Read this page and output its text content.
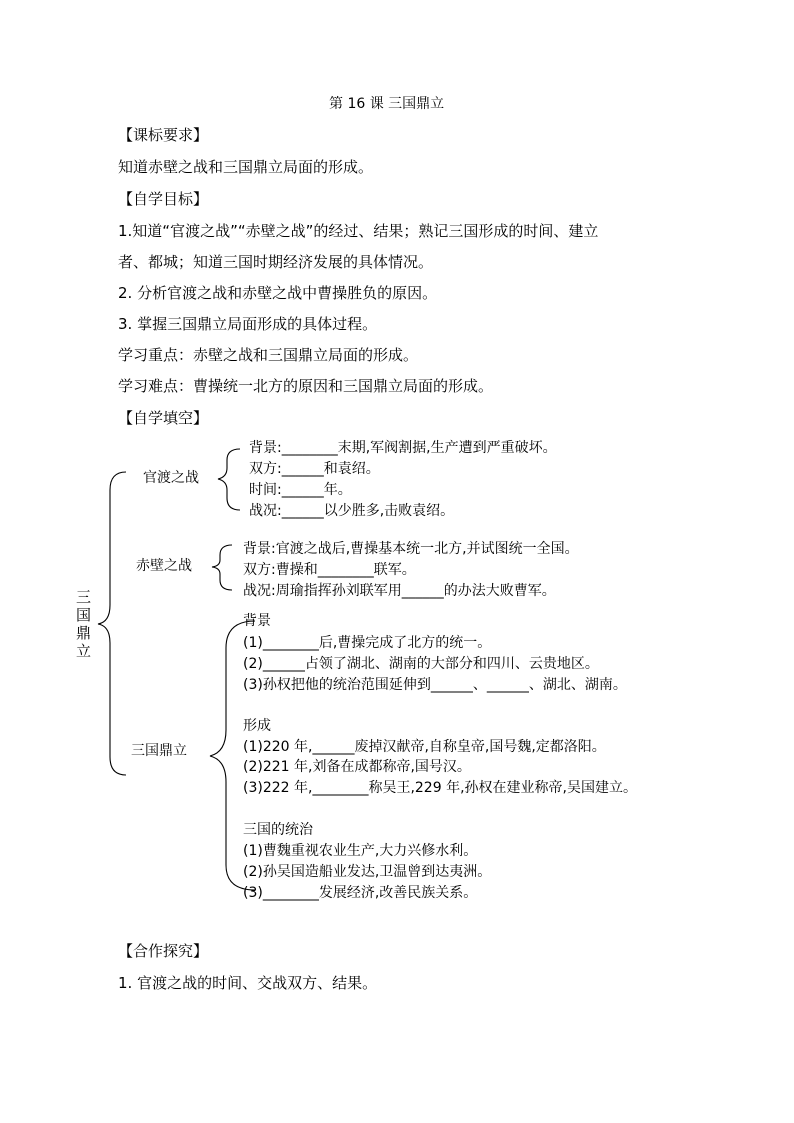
第 16 课 三国鼎立
【课标要求】
知道赤壁之战和三国鼎立局面的形成。
【自学目标】
1.知道“官渡之战”“赤壁之战”的经过、结果；熟记三国形成的时间、建立
者、都城；知道三国时期经济发展的具体情况。
2. 分析官渡之战和赤壁之战中曹操胜负的原因。
3. 掌握三国鼎立局面形成的具体过程。
学习重点：赤壁之战和三国鼎立局面的形成。
学习难点：曹操统一北方的原因和三国鼎立局面的形成。
【自学填空】
三
国
鼎
立
官渡之战
背景:________末期,军阀割据,生产遭到严重破坏。
双方:______和袁绍。
时间:______年。
战况:______以少胜多,击败袁绍。
赤壁之战
背景:官渡之战后,曹操基本统一北方,并试图统一全国。
双方:曹操和________联军。
战况:周瑜指挥孙刘联军用______的办法大败曹军。
三国鼎立
背景
(1)________后,曹操完成了北方的统一。
(2)______占领了湖北、湖南的大部分和四川、云贵地区。
(3)孙权把他的统治范围延伸到______、______、湖北、湖南。
形成
(1)220 年,______废掉汉献帝,自称皇帝,国号魏,定都洛阳。
(2)221 年,刘备在成都称帝,国号汉。
(3)222 年,________称吴王,229 年,孙权在建业称帝,吴国建立。
三国的统治
(1)曹魏重视农业生产,大力兴修水利。
(2)孙吴国造船业发达,卫温曾到达夷洲。
(3)________发展经济,改善民族关系。
【合作探究】
1. 官渡之战的时间、交战双方、结果。
